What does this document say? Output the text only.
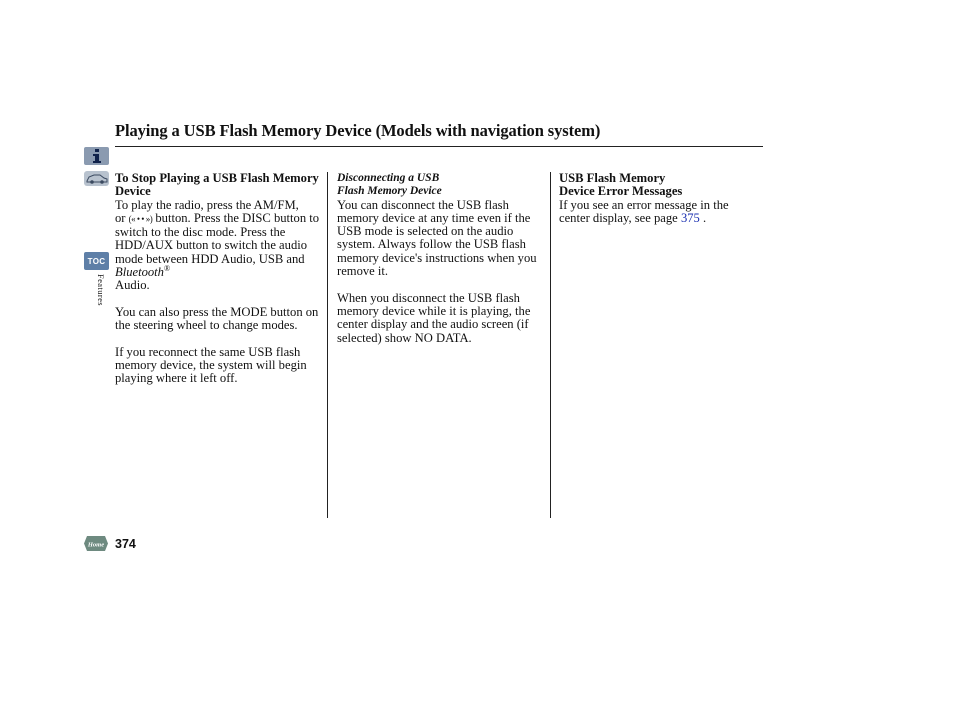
Playing a USB Flash Memory Device (Models with navigation system)
TOC
Features
Home

To Stop Playing a USB Flash Memory Device

To play the radio, press the AM/FM,
or (« • • ») button. Press the DISC button to switch to the disc mode. Press the HDD/AUX button to switch the audio mode between HDD Audio, USB and Bluetooth®
Audio.

You can also press the MODE button on the steering wheel to change modes.

If you reconnect the same USB flash memory device, the system will begin playing where it left off.

Disconnecting a USB
Flash Memory Device

You can disconnect the USB flash memory device at any time even if the USB mode is selected on the audio system. Always follow the USB flash memory device's instructions when you remove it.

When you disconnect the USB flash memory device while it is playing, the center display and the audio screen (if selected) show NO DATA.

USB Flash Memory
Device Error Messages

If you see an error message in the center display, see page 375 .

374
